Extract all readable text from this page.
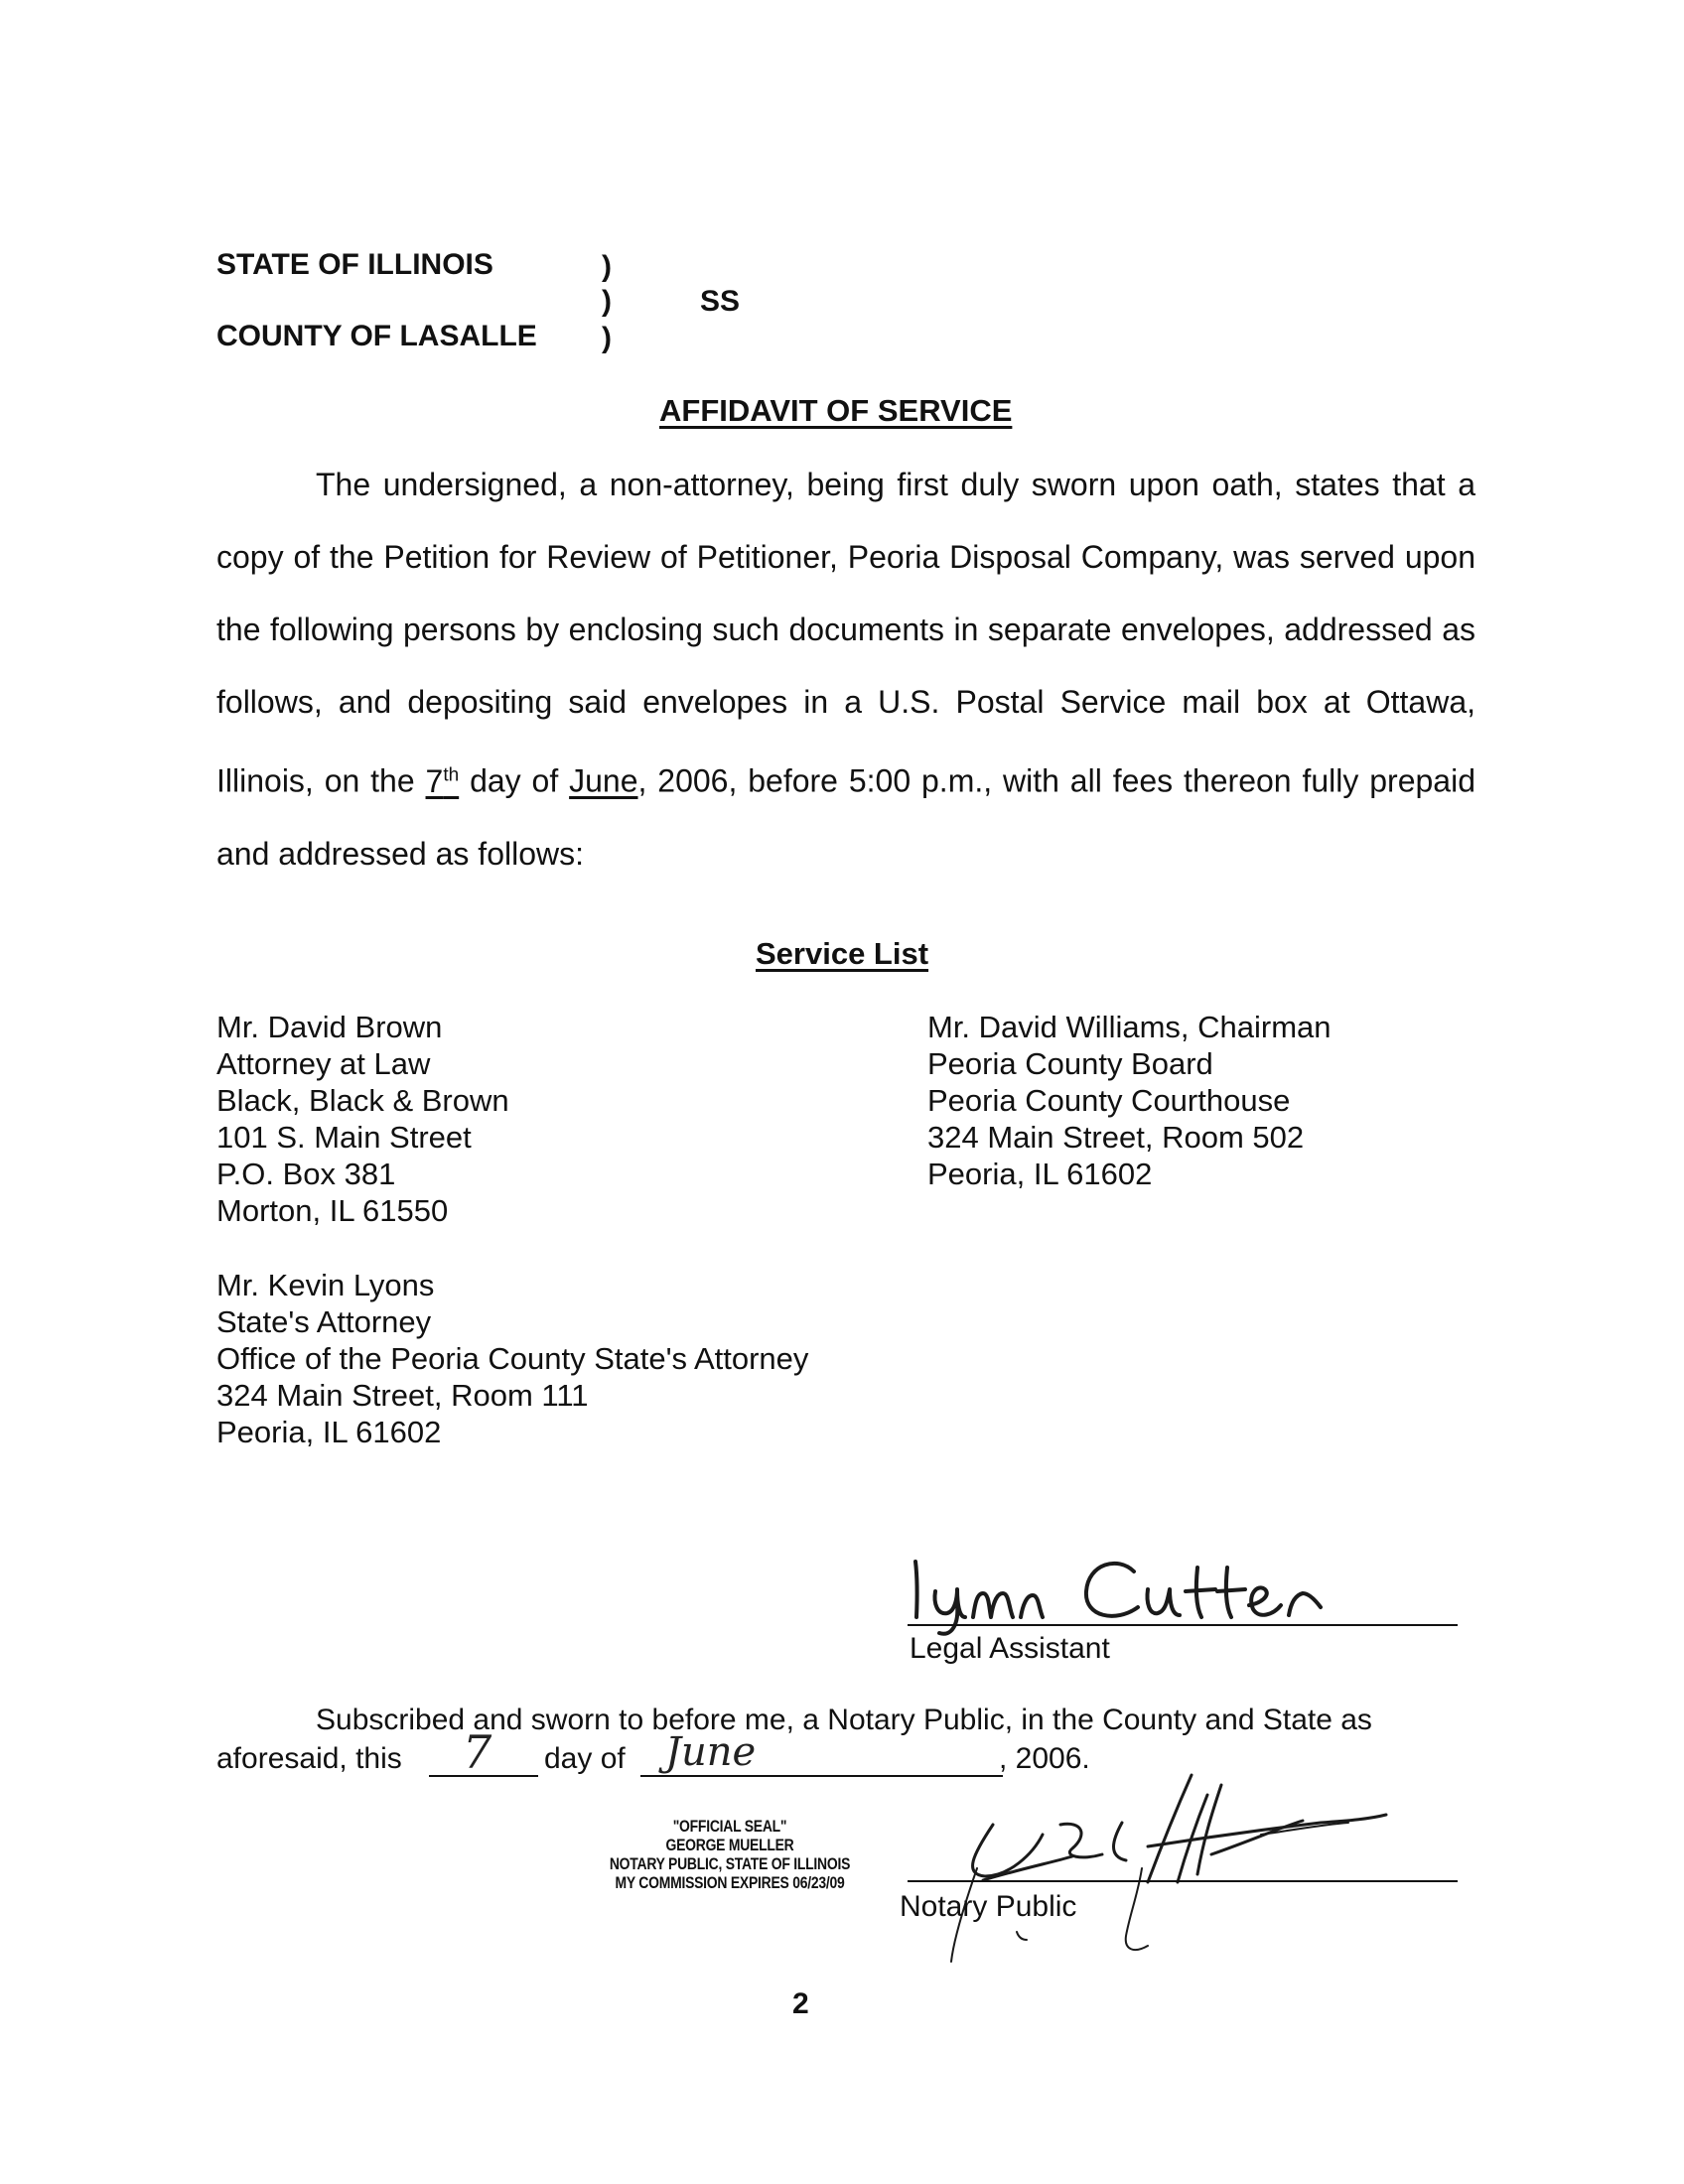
STATE OF ILLINOIS	)
)	SS
COUNTY OF LASALLE )
AFFIDAVIT OF SERVICE
The undersigned, a non-attorney, being first duly sworn upon oath, states that a copy of the Petition for Review of Petitioner, Peoria Disposal Company, was served upon the following persons by enclosing such documents in separate envelopes, addressed as follows, and depositing said envelopes in a U.S. Postal Service mail box at Ottawa, Illinois, on the 7th day of June, 2006, before 5:00 p.m., with all fees thereon fully prepaid and addressed as follows:
Service List
Mr. David Brown
Attorney at Law
Black, Black & Brown
101 S. Main Street
P.O. Box 381
Morton, IL 61550
Mr. David Williams, Chairman
Peoria County Board
Peoria County Courthouse
324 Main Street, Room 502
Peoria, IL 61602
Mr. Kevin Lyons
State's Attorney
Office of the Peoria County State's Attorney
324 Main Street, Room 111
Peoria, IL 61602
Legal Assistant
Subscribed and sworn to before me, a Notary Public, in the County and State as
aforesaid, this 7 day of June	, 2006.
"OFFICIAL SEAL"
GEORGE MUELLER
NOTARY PUBLIC, STATE OF ILLINOIS
MY COMMISSION EXPIRES 06/23/09
Notary Public
2
